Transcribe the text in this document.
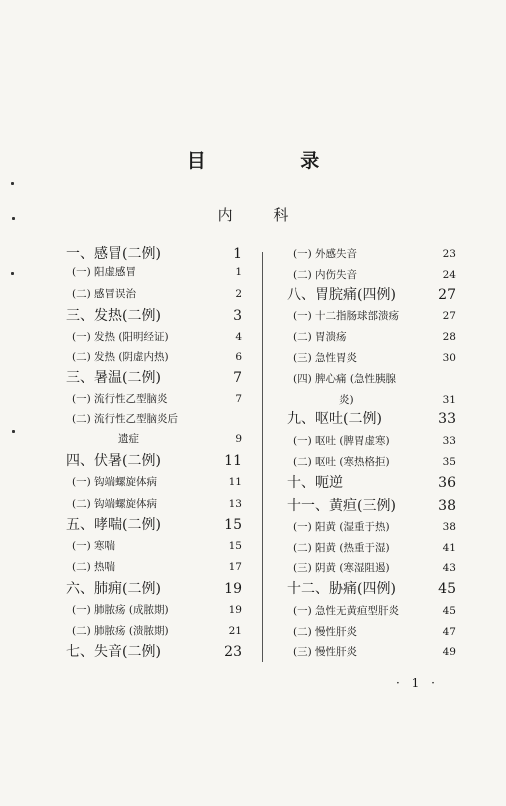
目 录
内 科
一、感冒(二例)	1
(一) 阳虚感冒	1
(二) 感冒误治	2
三、发热(二例)	3
(一) 发热 (阳明经证)	4
(二) 发热 (阴虚内热)	6
三、暑温(二例)	7
(一) 流行性乙型脑炎	7
(二) 流行性乙型脑炎后
遗症	9
四、伏暑(二例)	11
(一) 钩端螺旋体病	11
(二) 钩端螺旋体病	13
五、哮喘(二例)	15
(一) 寒喘	15
(二) 热喘	17
六、肺痈(二例)	19
(一) 肺脓疡 (成脓期)	19
(二) 肺脓疡 (溃脓期)	21
七、失音(二例)	23
(一) 外感失音	23
(二) 内伤失音	24
八、胃脘痛(四例)	27
(一) 十二指肠球部溃疡	27
(二) 胃溃疡	28
(三) 急性胃炎	30
(四) 脾心痛 (急性胰腺
炎)	31
九、呕吐(二例)	33
(一) 呕吐 (脾胃虚寒)	33
(二) 呕吐 (寒热格拒)	35
十、呃逆	36
十一、黄疸(三例)	38
(一) 阳黄 (湿重于热)	38
(二) 阳黄 (热重于湿)	41
(三) 阴黄 (寒湿阻遏)	43
十二、胁痛(四例)	45
(一) 急性无黄疸型肝炎	45
(二) 慢性肝炎	47
(三) 慢性肝炎	49
· 1 ·
